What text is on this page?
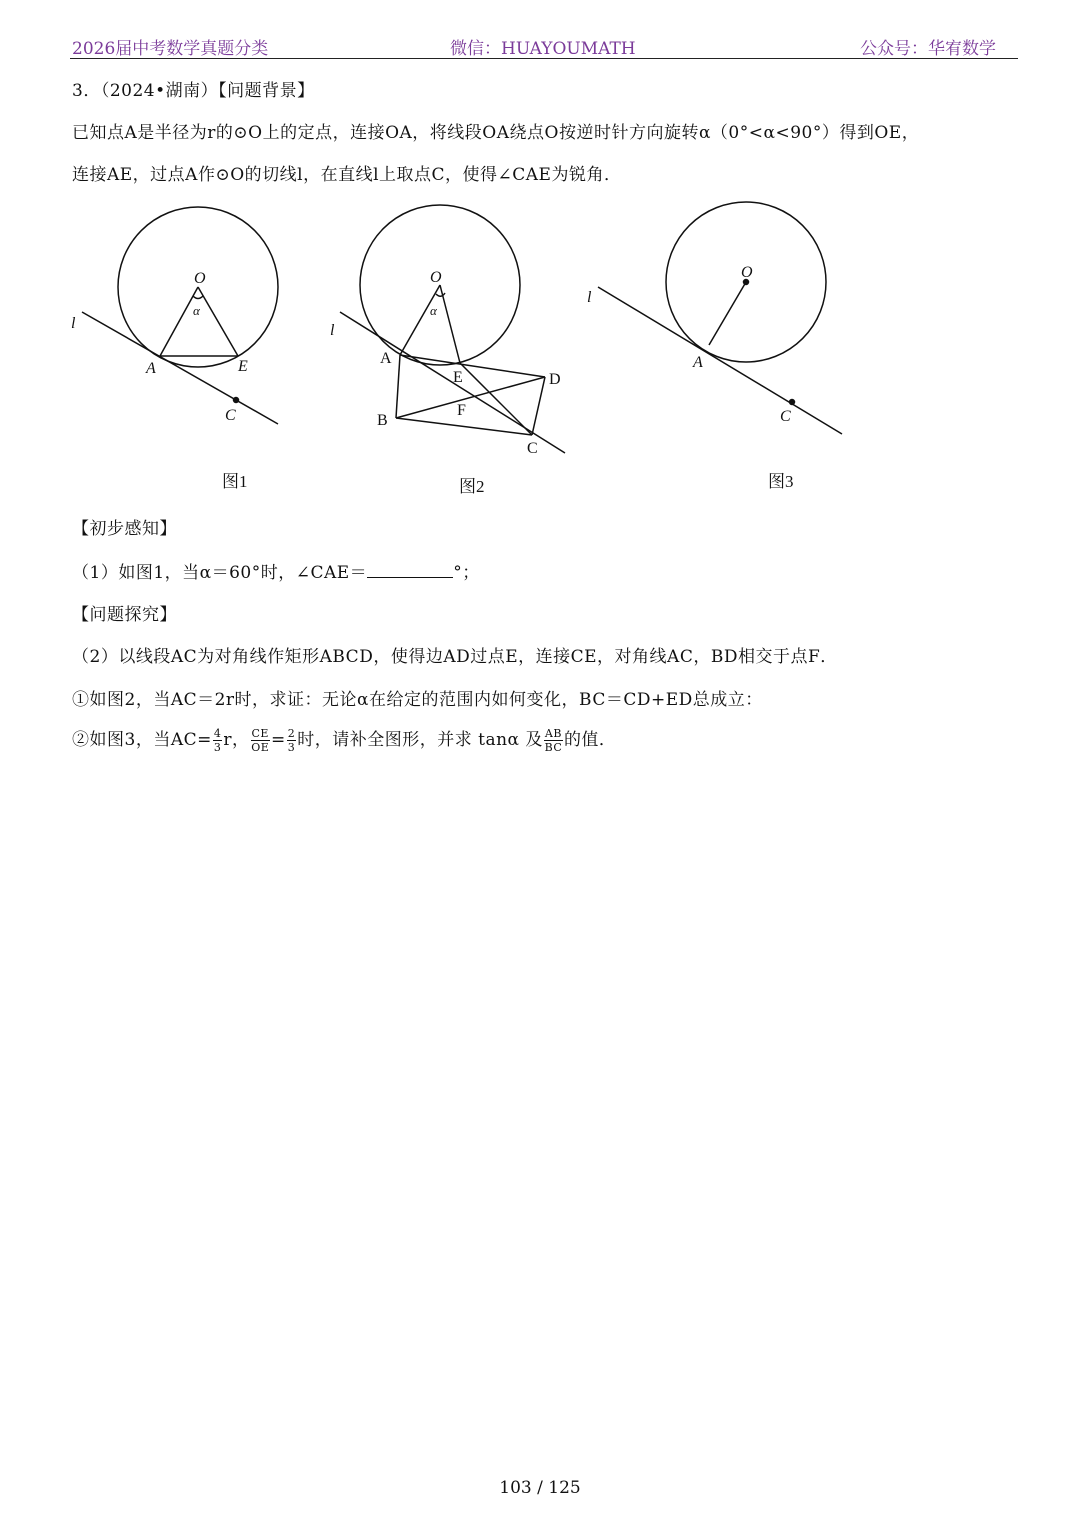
2026届中考数学真题分类	微信：HUAYOUMATH	公众号：华宥数学
3．（2024•湖南）【问题背景】
已知点A是半径为r的⊙O上的定点，连接OA，将线段OA绕点O按逆时针方向旋转α（0°<α<90°）得到OE，
连接AE，过点A作⊙O的切线l，在直线l上取点C，使得∠CAE为锐角．
O
α
l
A	E
C
图1
O
α
l
A
E	D
F
B
C
图2
O
l
A
C
图3
【初步感知】
（1）如图1，当α＝60°时，∠CAE＝	°；
【问题探究】
（2）以线段AC为对角线作矩形ABCD，使得边AD过点E，连接CE，对角线AC，BD相交于点F．
①如图2，当AC＝2r时，求证：无论α在给定的范围内如何变化，BC＝CD+ED总成立：
②如图3，当$AC= \frac{4}{3}$ r， $\frac{CE}{OE} = \frac{2}{3}$ 时，请补全图形，并求 tanα 及 $\frac{AB}{BC}$ 的值．
103 / 125
